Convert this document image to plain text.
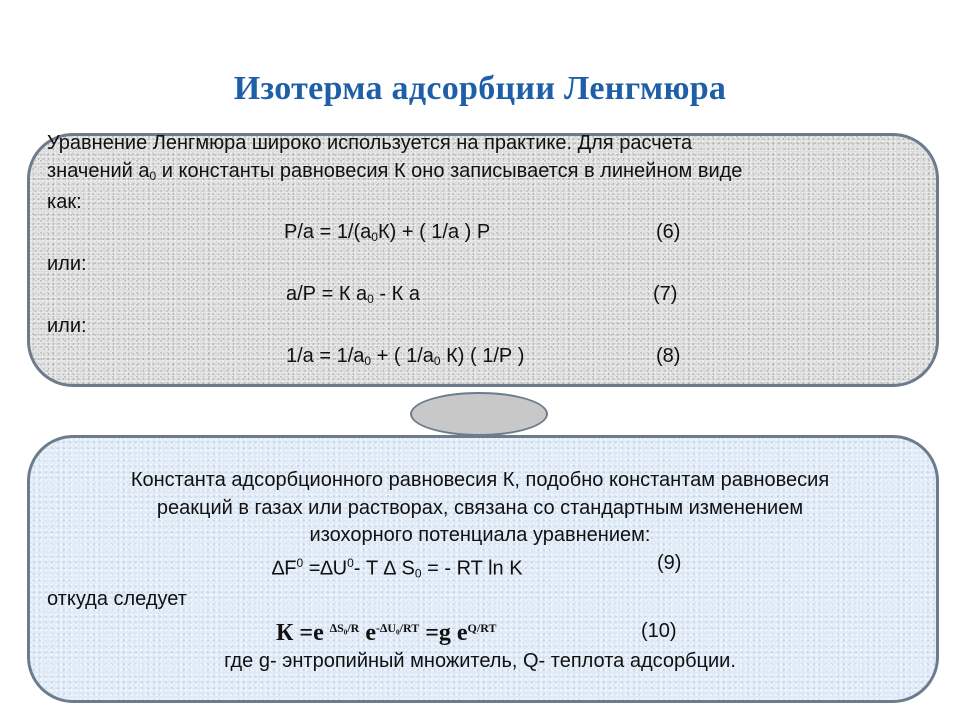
Изотерма адсорбции Ленгмюра
Уравнение Ленгмюра широко используется на практике. Для расчета
значений $а_0$ и константы равновесия К оно записывается в линейном виде
как:
$Р/а = 1/(а_0К)$ + ( 1/а ) Р	(6)
или:
а/Р = К $а_0$ - К а	(7)
или:
$1/а = 1/а_0$ + ( $1/а_0$ К) ( 1/Р )	(8)
Константа адсорбционного равновесия К, подобно константам равновесия
реакций в газах или растворах, связана со стандартным изменением
изохорного потенциала уравнением:
$\Delta F^0 =\Delta U^0-$ Т ∆ $S_0$ = - RT ln K	(9)
откуда следует
К =e $^{\Delta S_0/R}$ $e^{-\Delta U_0/RT} =g$ $e^{Q/RT}$	(10)
где g- энтропийный множитель, Q- теплота адсорбции.
